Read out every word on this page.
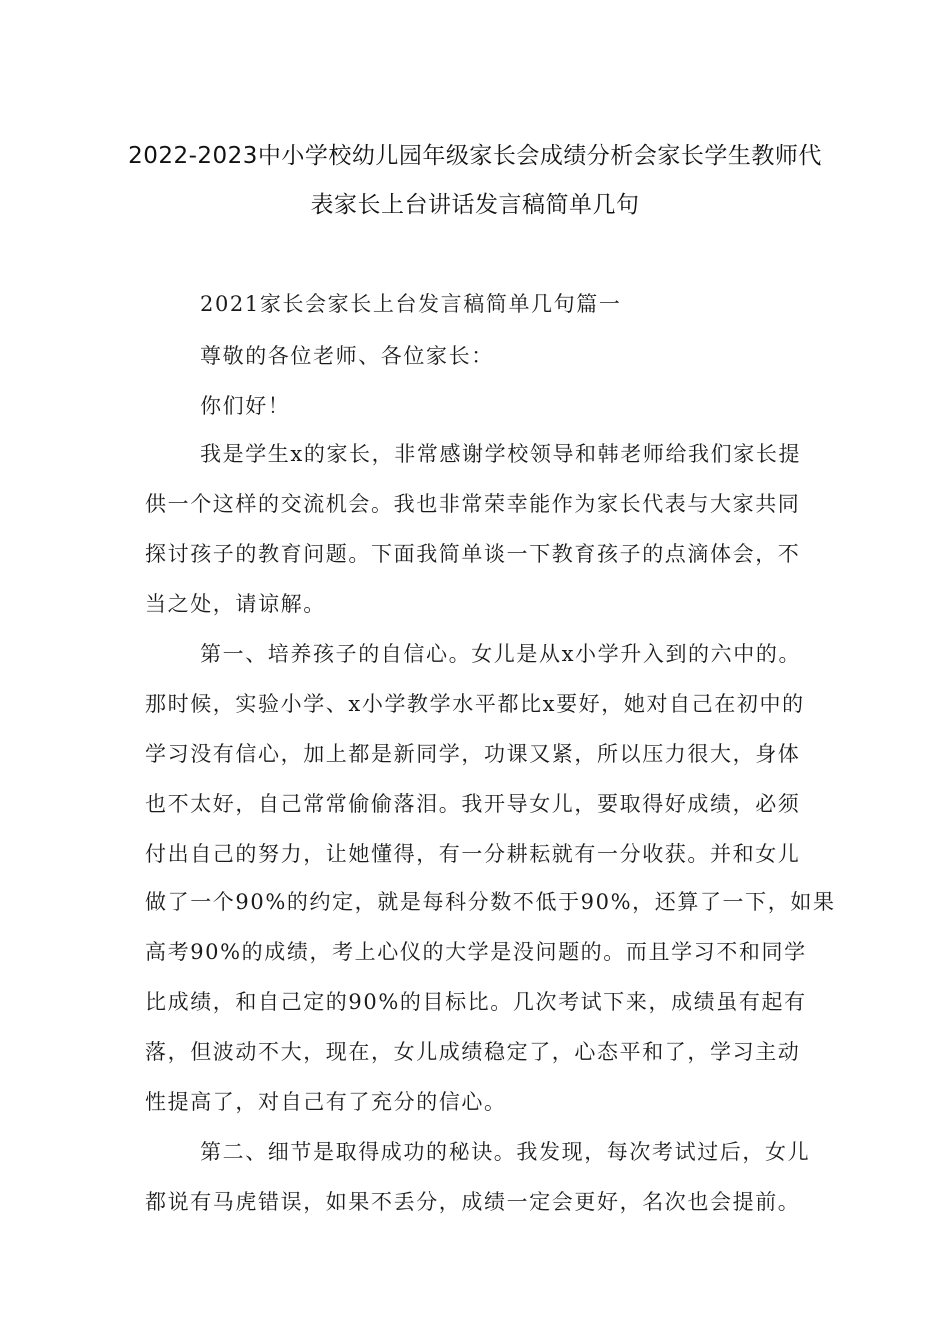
2022-2023中小学校幼儿园年级家长会成绩分析会家长学生教师代
表家长上台讲话发言稿简单几句
2021家长会家长上台发言稿简单几句篇一
尊敬的各位老师、各位家长：
你们好！
我是学生x的家长，非常感谢学校领导和韩老师给我们家长提
供一个这样的交流机会。我也非常荣幸能作为家长代表与大家共同
探讨孩子的教育问题。下面我简单谈一下教育孩子的点滴体会，不
当之处，请谅解。
第一、培养孩子的自信心。女儿是从x小学升入到的六中的。
那时候，实验小学、x小学教学水平都比x要好，她对自己在初中的
学习没有信心，加上都是新同学，功课又紧，所以压力很大，身体
也不太好，自己常常偷偷落泪。我开导女儿，要取得好成绩，必须
付出自己的努力，让她懂得，有一分耕耘就有一分收获。并和女儿
做了一个90%的约定，就是每科分数不低于90%，还算了一下，如果
高考90%的成绩，考上心仪的大学是没问题的。而且学习不和同学
比成绩，和自己定的90%的目标比。几次考试下来，成绩虽有起有
落，但波动不大，现在，女儿成绩稳定了，心态平和了，学习主动
性提高了，对自己有了充分的信心。
第二、细节是取得成功的秘诀。我发现，每次考试过后，女儿
都说有马虎错误，如果不丢分，成绩一定会更好，名次也会提前。
